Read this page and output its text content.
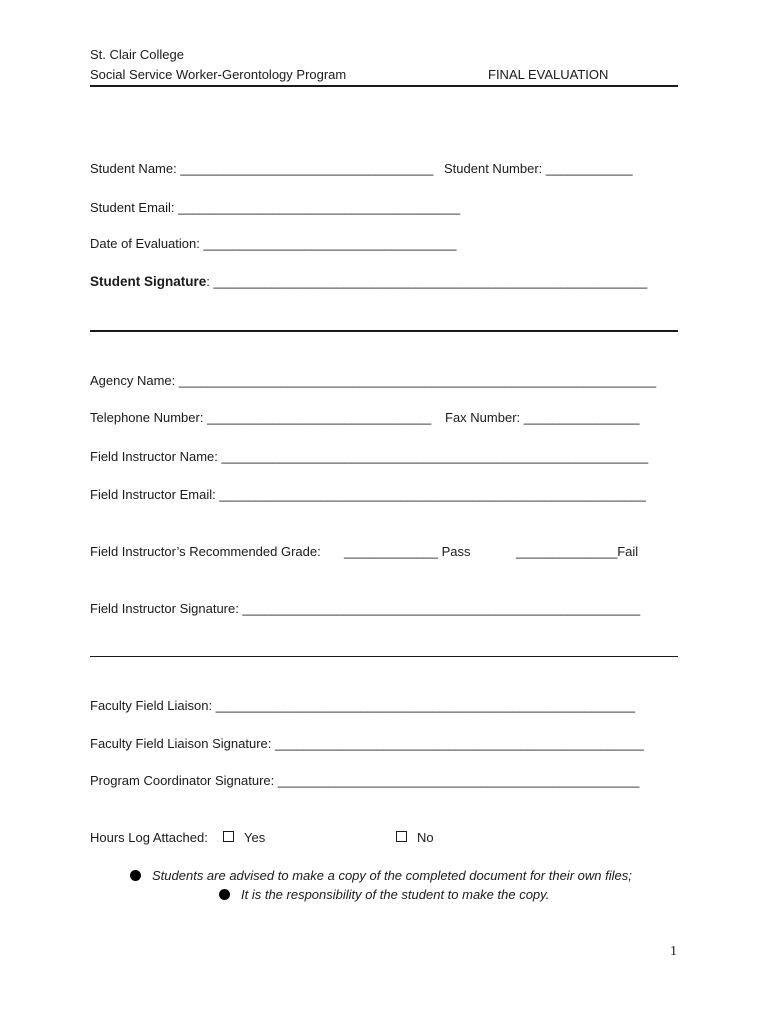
St. Clair College
Social Service Worker-Gerontology Program	FINAL EVALUATION
Student Name: ___________________________________ Student Number: ____________
Student Email: _______________________________________
Date of Evaluation: ___________________________________
Student Signature: ____________________________________________________________
Agency Name: __________________________________________________________________
Telephone Number: _______________________________ Fax Number: ________________
Field Instructor Name: ___________________________________________________________
Field Instructor Email: ___________________________________________________________
Field Instructor’s Recommended Grade: _____________ Pass	______________Fail
Field Instructor Signature: _______________________________________________________
Faculty Field Liaison: __________________________________________________________
Faculty Field Liaison Signature: ___________________________________________________
Program Coordinator Signature: __________________________________________________
Hours Log Attached:	Yes	No
Students are advised to make a copy of the completed document for their own files;
It is the responsibility of the student to make the copy.
1
